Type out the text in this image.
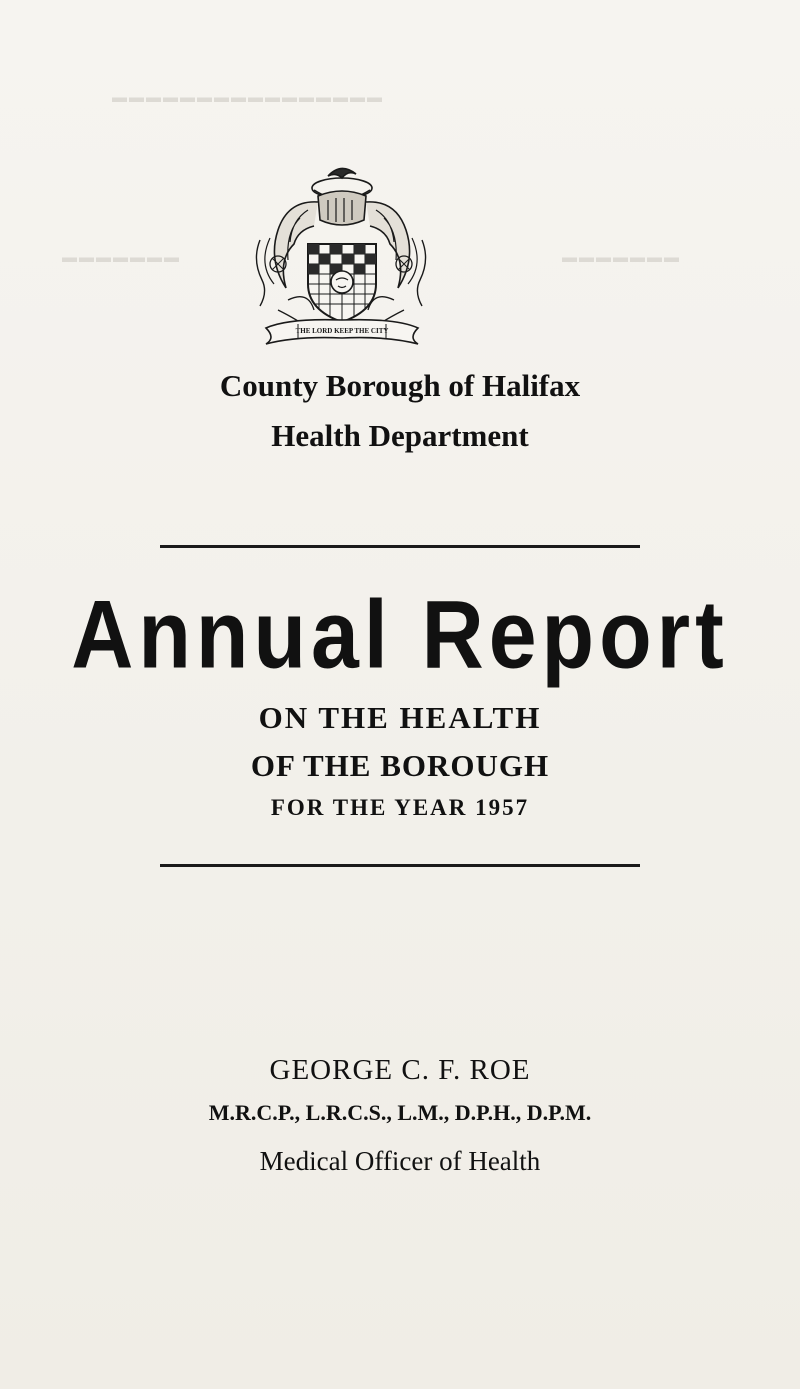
▬▬▬▬▬▬▬▬▬▬▬▬▬▬▬▬
▬▬▬▬▬▬▬	▬▬▬▬▬▬▬
THE LORD KEEP THE CITY
County Borough of Halifax
Health Department
Annual Report
ON THE HEALTH
OF THE BOROUGH
FOR THE YEAR 1957
GEORGE C. F. ROE
M.R.C.P., L.R.C.S., L.M., D.P.H., D.P.M.
Medical Officer of Health
